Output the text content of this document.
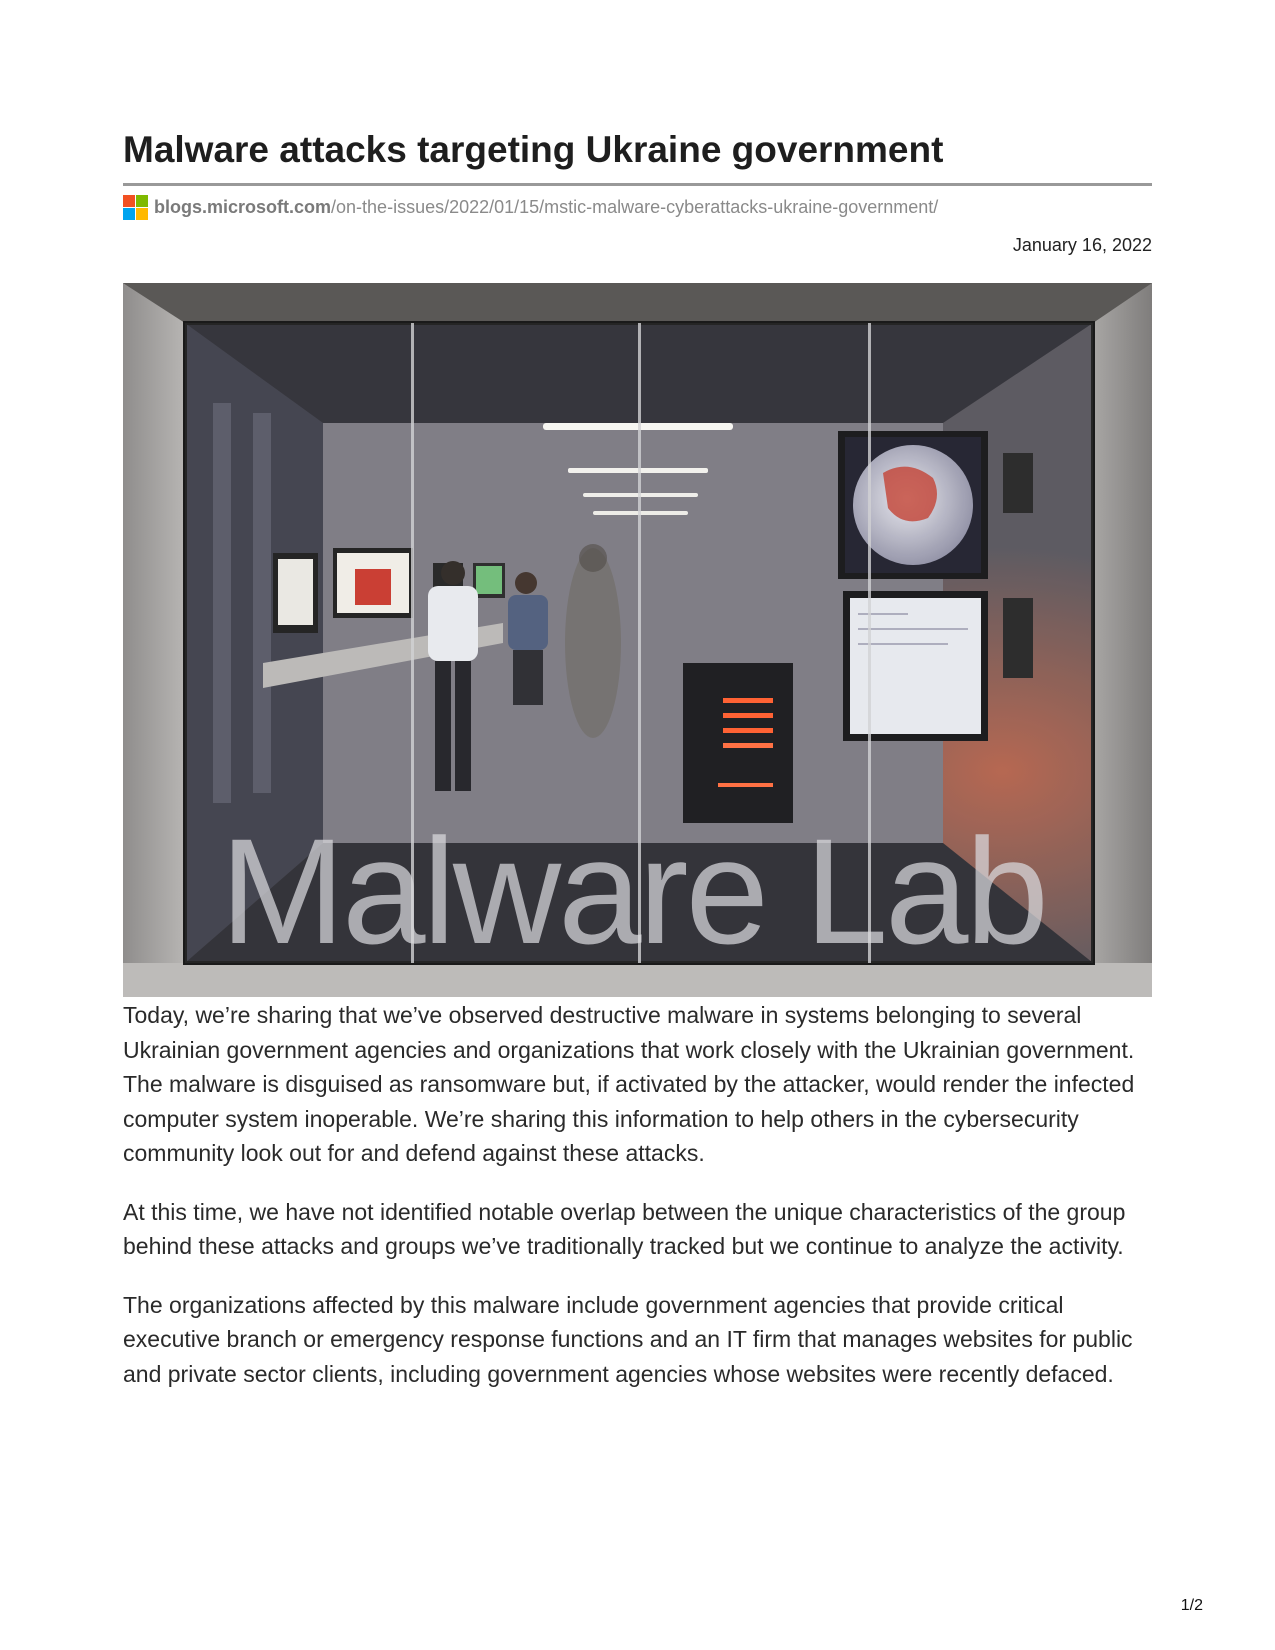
Malware attacks targeting Ukraine government
blogs.microsoft.com /on-the-issues/2022/01/15/mstic-malware-cyberattacks-ukraine-government/
January 16, 2022
Malware Lab

Today, we’re sharing that we’ve observed destructive malware in systems belonging to several Ukrainian government agencies and organizations that work closely with the Ukrainian government. The malware is disguised as ransomware but, if activated by the attacker, would render the infected computer system inoperable. We’re sharing this information to help others in the cybersecurity community look out for and defend against these attacks.

At this time, we have not identified notable overlap between the unique characteristics of the group behind these attacks and groups we’ve traditionally tracked but we continue to analyze the activity.

The organizations affected by this malware include government agencies that provide critical executive branch or emergency response functions and an IT firm that manages websites for public and private sector clients, including government agencies whose websites were recently defaced.

1/2
